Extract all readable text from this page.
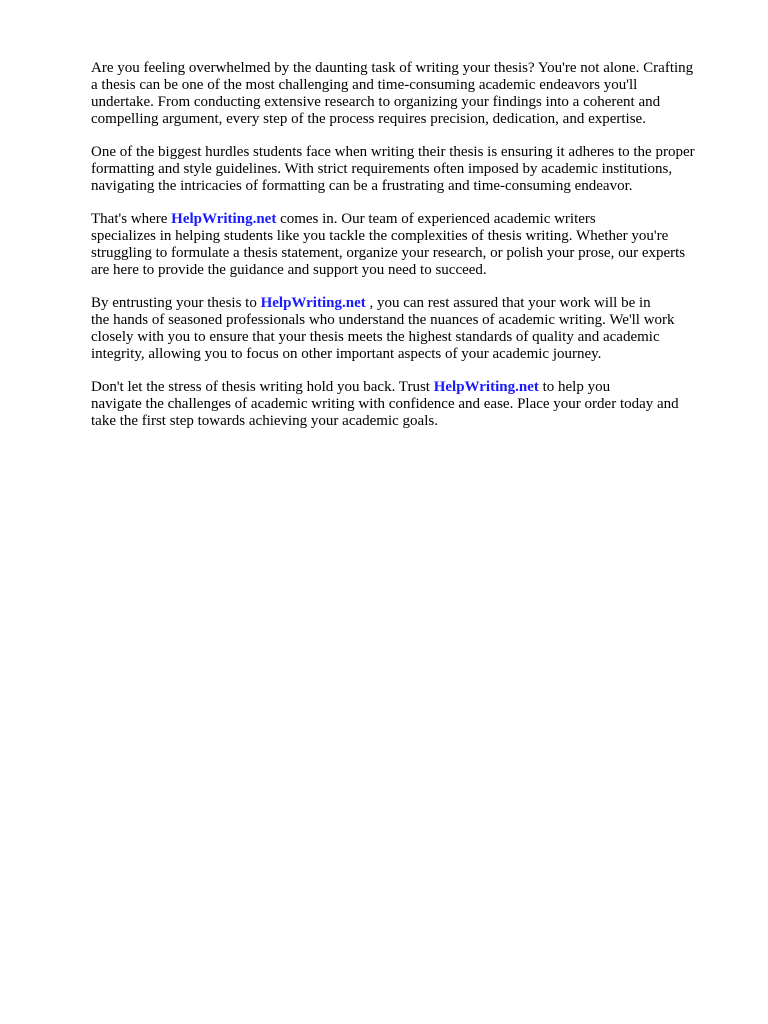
Are you feeling overwhelmed by the daunting task of writing your thesis? You're not alone. Crafting
a thesis can be one of the most challenging and time-consuming academic endeavors you'll
undertake. From conducting extensive research to organizing your findings into a coherent and
compelling argument, every step of the process requires precision, dedication, and expertise.

One of the biggest hurdles students face when writing their thesis is ensuring it adheres to the proper
formatting and style guidelines. With strict requirements often imposed by academic institutions,
navigating the intricacies of formatting can be a frustrating and time-consuming endeavor.

That's where HelpWriting.net comes in. Our team of experienced academic writers
specializes in helping students like you tackle the complexities of thesis writing. Whether you're
struggling to formulate a thesis statement, organize your research, or polish your prose, our experts
are here to provide the guidance and support you need to succeed.

By entrusting your thesis to HelpWriting.net , you can rest assured that your work will be in
the hands of seasoned professionals who understand the nuances of academic writing. We'll work
closely with you to ensure that your thesis meets the highest standards of quality and academic
integrity, allowing you to focus on other important aspects of your academic journey.

Don't let the stress of thesis writing hold you back. Trust HelpWriting.net to help you
navigate the challenges of academic writing with confidence and ease. Place your order today and
take the first step towards achieving your academic goals.
